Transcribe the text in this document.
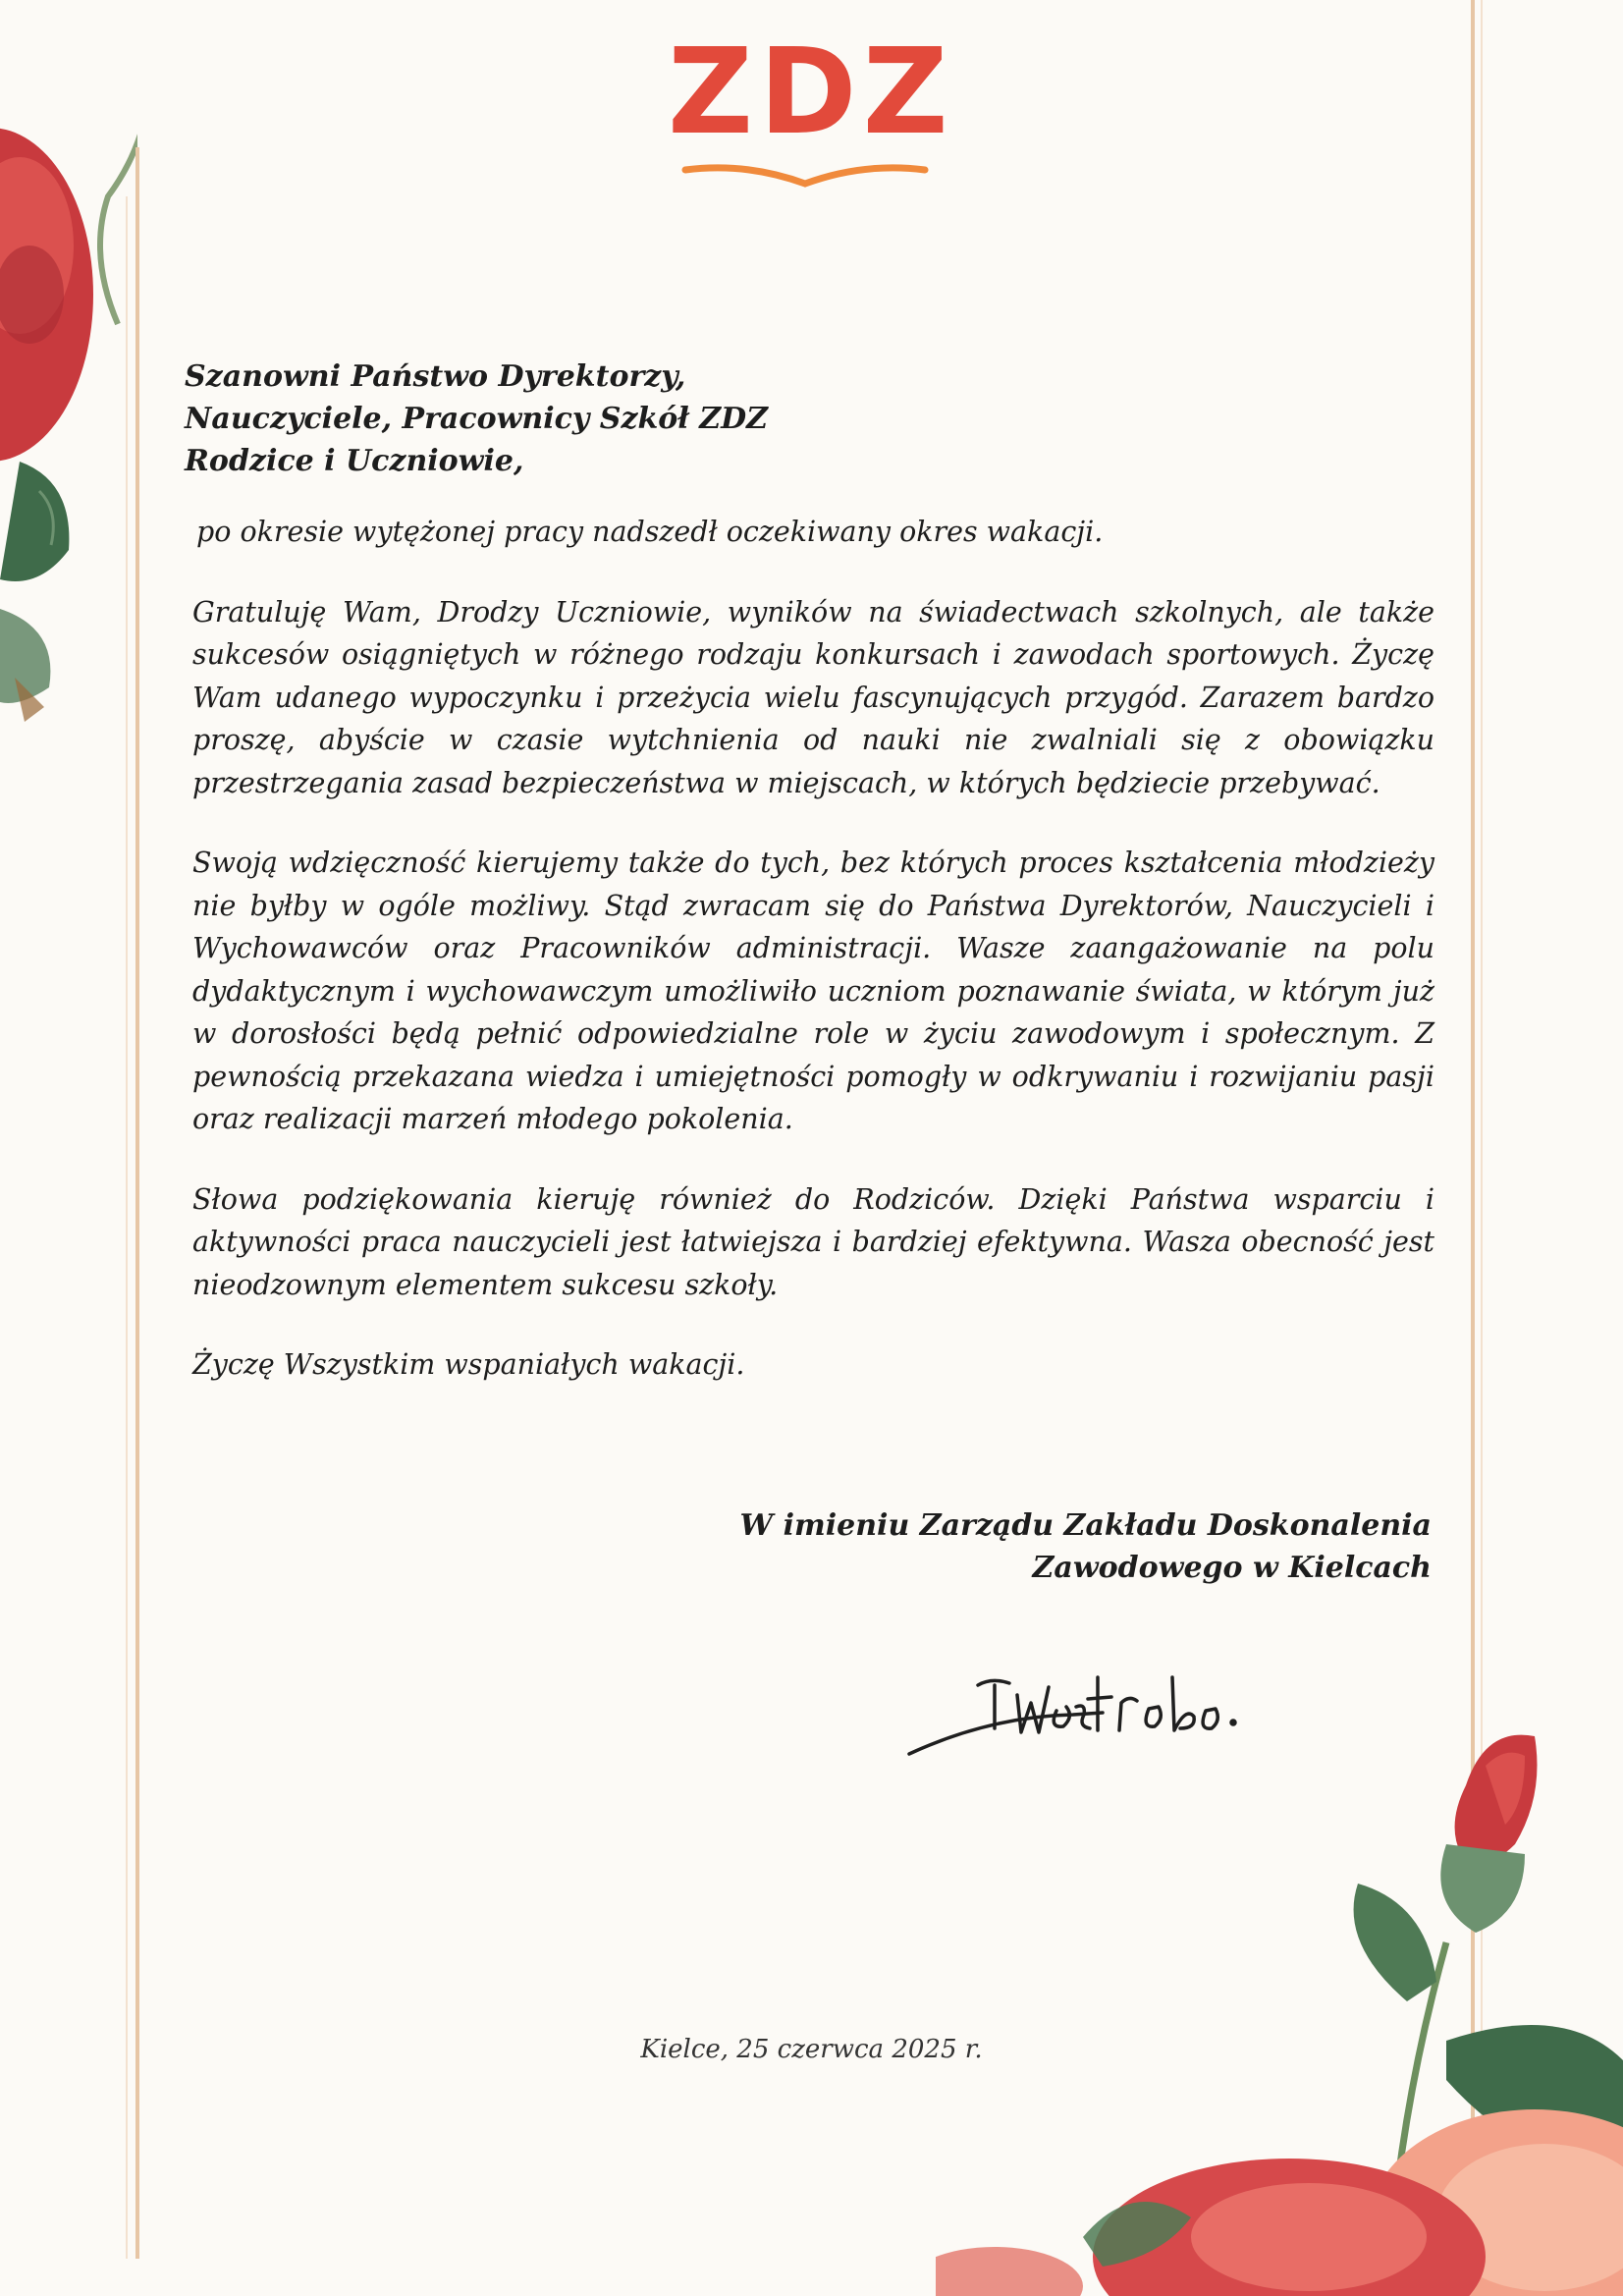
ZDZ
Szanowni Państwo Dyrektorzy,
Nauczyciele, Pracownicy Szkół ZDZ
Rodzice i Uczniowie,

po okresie wytężonej pracy nadszedł oczekiwany okres wakacji.

Gratuluję Wam, Drodzy Uczniowie, wyników na świadectwach szkolnych, ale także sukcesów osiągniętych w różnego rodzaju konkursach i zawodach sportowych. Życzę Wam udanego wypoczynku i przeżycia wielu fascynujących przygód. Zarazem bardzo proszę, abyście w czasie wytchnienia od nauki nie zwalniali się z obowiązku przestrzegania zasad bezpieczeństwa w miejscach, w których będziecie przebywać.

Swoją wdzięczność kierujemy także do tych, bez których proces kształcenia młodzieży nie byłby w ogóle możliwy. Stąd zwracam się do Państwa Dyrektorów, Nauczycieli i Wychowawców oraz Pracowników administracji. Wasze zaangażowanie na polu dydaktycznym i wychowawczym umożliwiło uczniom poznawanie świata, w którym już w dorosłości będą pełnić odpowiedzialne role w życiu zawodowym i społecznym. Z pewnością przekazana wiedza i umiejętności pomogły w odkrywaniu i rozwijaniu pasji oraz realizacji marzeń młodego pokolenia.

Słowa podziękowania kieruję również do Rodziców. Dzięki Państwa wsparciu i aktywności praca nauczycieli jest łatwiejsza i bardziej efektywna. Wasza obecność jest nieodzownym elementem sukcesu szkoły.

Życzę Wszystkim wspaniałych wakacji.

W imieniu Zarządu Zakładu Doskonalenia
Zawodowego w Kielcach
Kielce, 25 czerwca 2025 r.
